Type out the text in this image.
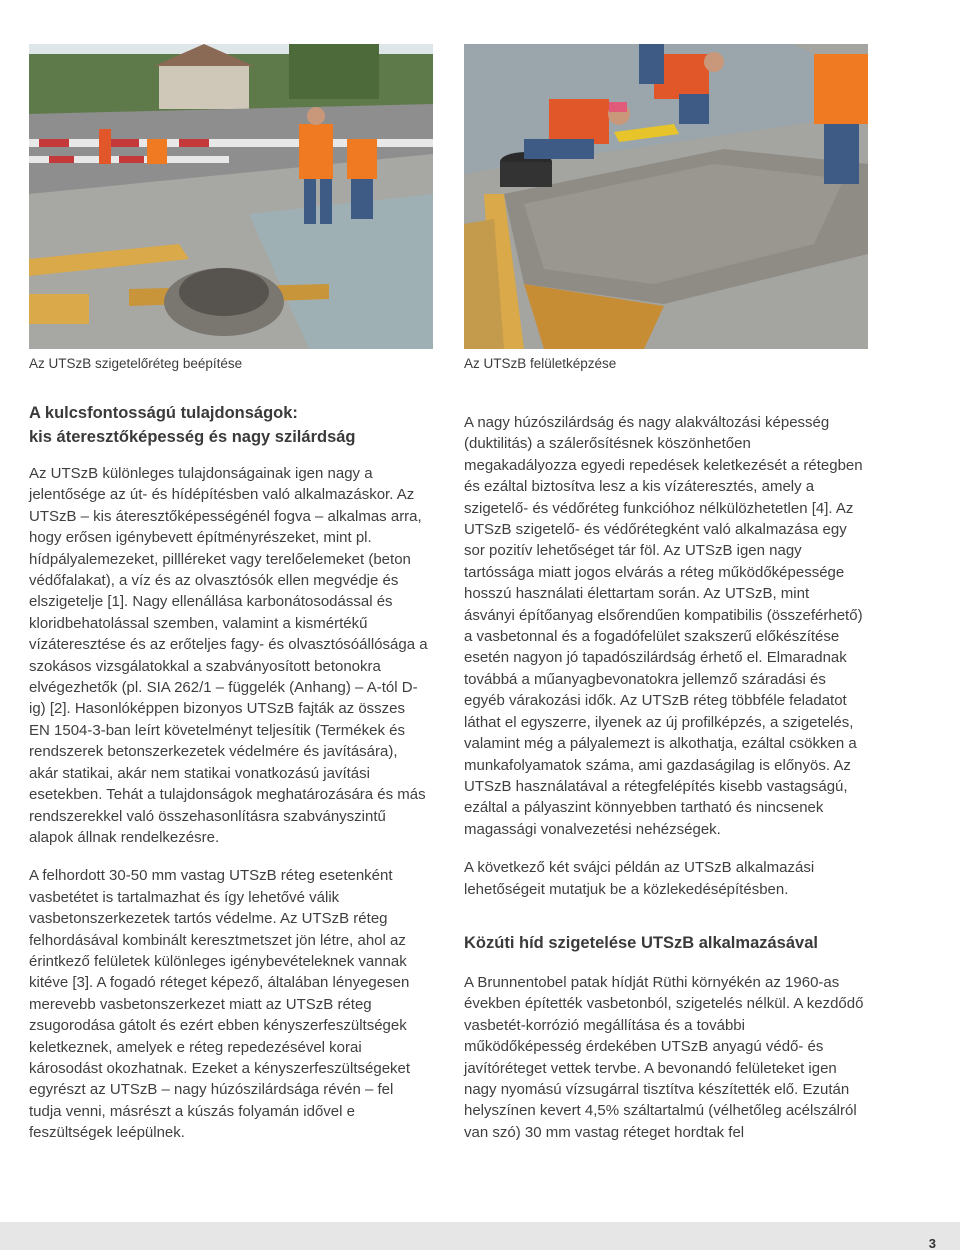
Az UTSzB szigetelőréteg beépítése	Az UTSzB felületképzése
A kulcsfontosságú tulajdonságok:
kis áteresztőképesség és nagy szilárdság

Az UTSzB különleges tulajdonságainak igen nagy a jelentősége az út- és hídépítésben való alkalmazáskor. Az UTSzB – kis áteresztőképességénél fogva – alkalmas arra, hogy erősen igénybevett építményrészeket, mint pl. hídpályalemezeket, pillléreket vagy terelőelemeket (beton védőfalakat), a víz és az olvasztósók ellen megvédje és elszigetelje [1]. Nagy ellenállása karbonátosodással és kloridbehatolással szemben, valamint a kismértékű vízáteresztése és az erőteljes fagy- és olvasztósóállósága a szokásos vizsgálatokkal a szabványosított betonokra elvégezhetők (pl. SIA 262/1 – függelék (Anhang) – A-tól D-ig) [2]. Hasonlóképpen bizonyos UTSzB fajták az összes EN 1504-3-ban leírt követelményt teljesítik (Termékek és rendszerek betonszerkezetek védelmére és javítására), akár statikai, akár nem statikai vonatkozású javítási esetekben. Tehát a tulajdonságok meghatározására és más rendszerekkel való összehasonlításra szabványszintű alapok állnak rendelkezésre.

A felhordott 30-50 mm vastag UTSzB réteg esetenként vasbetétet is tartalmazhat és így lehetővé válik vasbetonszerkezetek tartós védelme. Az UTSzB réteg felhordásával kombinált keresztmetszet jön létre, ahol az érintkező felületek különleges igénybevételeknek vannak kitéve [3]. A fogadó réteget képező, általában lényegesen merevebb vasbetonszerkezet miatt az UTSzB réteg zsugorodása gátolt és ezért ebben kényszerfeszültségek keletkeznek, amelyek e réteg repedezésével korai károsodást okozhatnak. Ezeket a kényszerfeszültségeket egyrészt az UTSzB – nagy húzószilárdsága révén – fel tudja venni, másrészt a kúszás folyamán idővel e feszültségek leépülnek.

A nagy húzószilárdság és nagy alakváltozási képesség (duktilitás) a szálerősítésnek köszönhetően megakadályozza egyedi repedések keletkezését a rétegben és ezáltal biztosítva lesz a kis vízáteresztés, amely a szigetelő- és védőréteg funkcióhoz nélkülözhetetlen [4]. Az UTSzB szigetelő- és védőrétegként való alkalmazása egy sor pozitív lehetőséget tár föl. Az UTSzB igen nagy tartóssága miatt jogos elvárás a réteg működőképessége hosszú használati élettartam során. Az UTSzB, mint ásványi építőanyag elsőrendűen kompatibilis (összeférhető) a vasbetonnal és a fogadófelület szakszerű előkészítése esetén nagyon jó tapadószilárdság érhető el. Elmaradnak továbbá a műanyagbevonatokra jellemző száradási és egyéb várakozási idők. Az UTSzB réteg többféle feladatot láthat el egyszerre, ilyenek az új profilképzés, a szigetelés, valamint még a pályalemezt is alkothatja, ezáltal csökken a munkafolyamatok száma, ami gazdaságilag is előnyös. Az UTSzB használatával a rétegfelépítés kisebb vastagságú, ezáltal a pályaszint könnyebben tartható és nincsenek magassági vonalvezetési nehézségek.

A következő két svájci példán az UTSzB alkalmazási lehetőségeit mutatjuk be a közlekedésépítésben.

Közúti híd szigetelése UTSzB alkalmazásával

A Brunnentobel patak hídját Rüthi környékén az 1960-as években építették vasbetonból, szigetelés nélkül. A kezdődő vasbetét-korrózió megállítása és a további működőképesség érdekében UTSzB anyagú védő- és javítóréteget vettek tervbe. A bevonandó felületeket igen nagy nyomású vízsugárral tisztítva készítették elő. Ezután helyszínen kevert 4,5% száltartalmú (vélhetőleg acélszálról van szó) 30 mm vastag réteget hordtak fel

3
